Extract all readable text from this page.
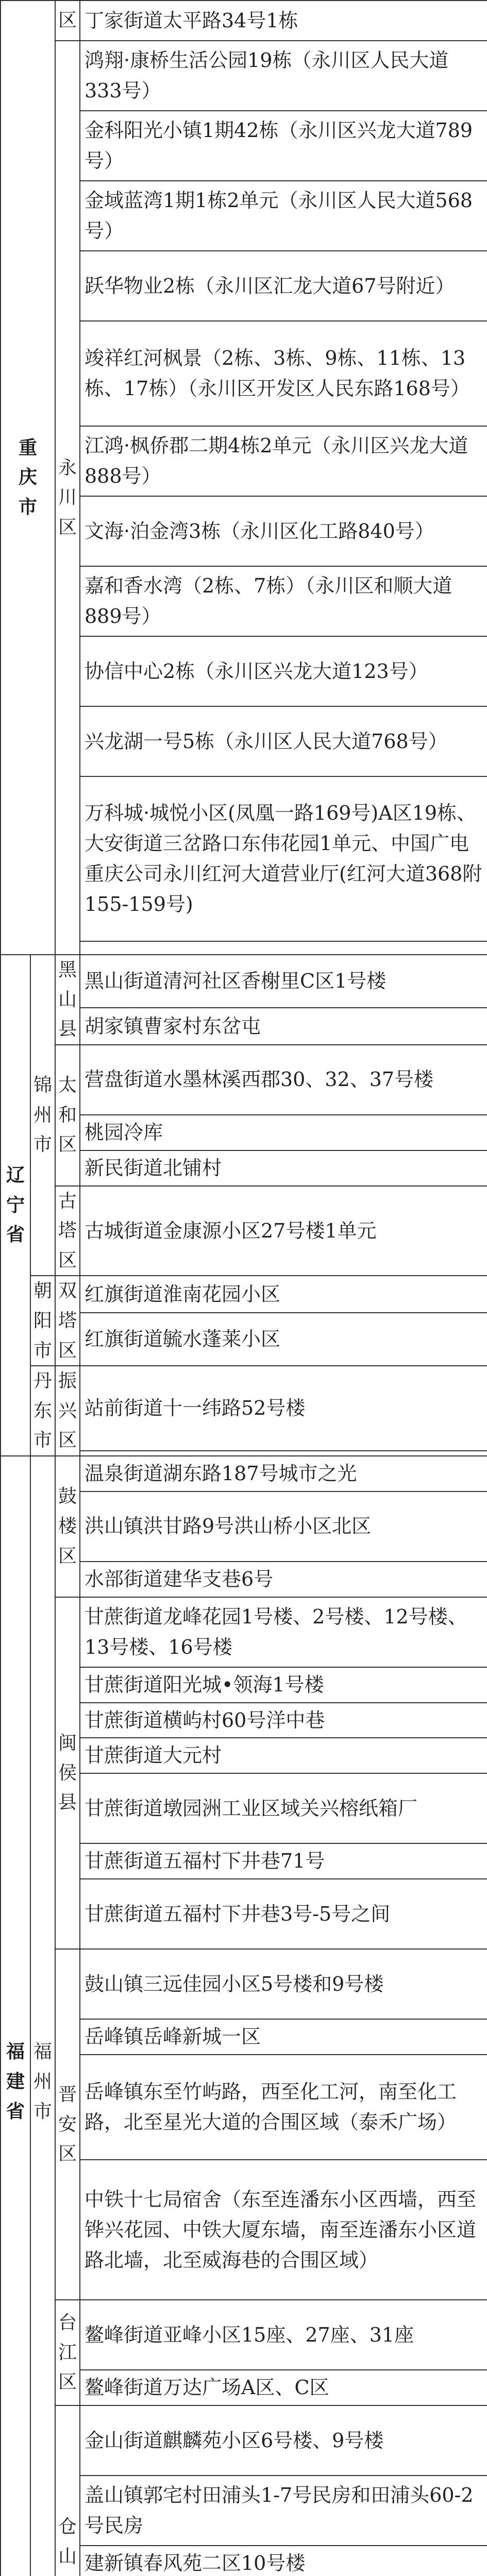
重庆市		区	丁家街道太平路34号1栋
		永川区	鸿翔·康桥生活公园19栋（永川区人民大道333号）
			金科阳光小镇1期42栋（永川区兴龙大道789号）
			金域蓝湾1期1栋2单元（永川区人民大道568号）
			跃华物业2栋（永川区汇龙大道67号附近）
			竣祥红河枫景（2栋、3栋、9栋、11栋、13栋、17栋）（永川区开发区人民东路168号）
			江鸿·枫侨郡二期4栋2单元（永川区兴龙大道888号）
			文海·泊金湾3栋（永川区化工路840号）
			嘉和香水湾（2栋、7栋）（永川区和顺大道889号）
			协信中心2栋（永川区兴龙大道123号）
			兴龙湖一号5栋（永川区人民大道768号）
			万科城·城悦小区(凤凰一路169号)A区19栋、大安街道三岔路口东伟花园1单元、中国广电重庆公司永川红河大道营业厅(红河大道368附155-159号)

辽宁省	锦州市	黑山县	黑山街道清河社区香榭里C区1号楼
			胡家镇曹家村东岔屯
		太和区	营盘街道水墨林溪西郡30、32、37号楼
			桃园冷库
			新民街道北铺村
		古塔区	古城街道金康源小区27号楼1单元
	朝阳市	双塔区	红旗街道淮南花园小区
			红旗街道毓水蓬莱小区
	丹东市	振兴区	站前街道十一纬路52号楼

福建省	福州市	鼓楼区	温泉街道湖东路187号城市之光
			洪山镇洪甘路9号洪山桥小区北区
			水部街道建华支巷6号
		闽侯县	甘蔗街道龙峰花园1号楼、2号楼、12号楼、13号楼、16号楼
			甘蔗街道阳光城•领海1号楼
			甘蔗街道横屿村60号洋中巷
			甘蔗街道大元村
			甘蔗街道墩园洲工业区域关兴榕纸箱厂
			甘蔗街道五福村下井巷71号
			甘蔗街道五福村下井巷3号-5号之间
		晋安区	鼓山镇三远佳园小区5号楼和9号楼
			岳峰镇岳峰新城一区
			岳峰镇东至竹屿路，西至化工河，南至化工路，北至星光大道的合围区域（泰禾广场）
			中铁十七局宿舍（东至连潘东小区西墙，西至铧兴花园、中铁大厦东墙，南至连潘东小区道路北墙，北至威海巷的合围区域）
		台江区	鳌峰街道亚峰小区15座、27座、31座
			鳌峰街道万达广场A区、C区
		仓山	金山街道麒麟苑小区6号楼、9号楼
			盖山镇郭宅村田浦头1-7号民房和田浦头60-2号民房
			建新镇春风苑二区10号楼
